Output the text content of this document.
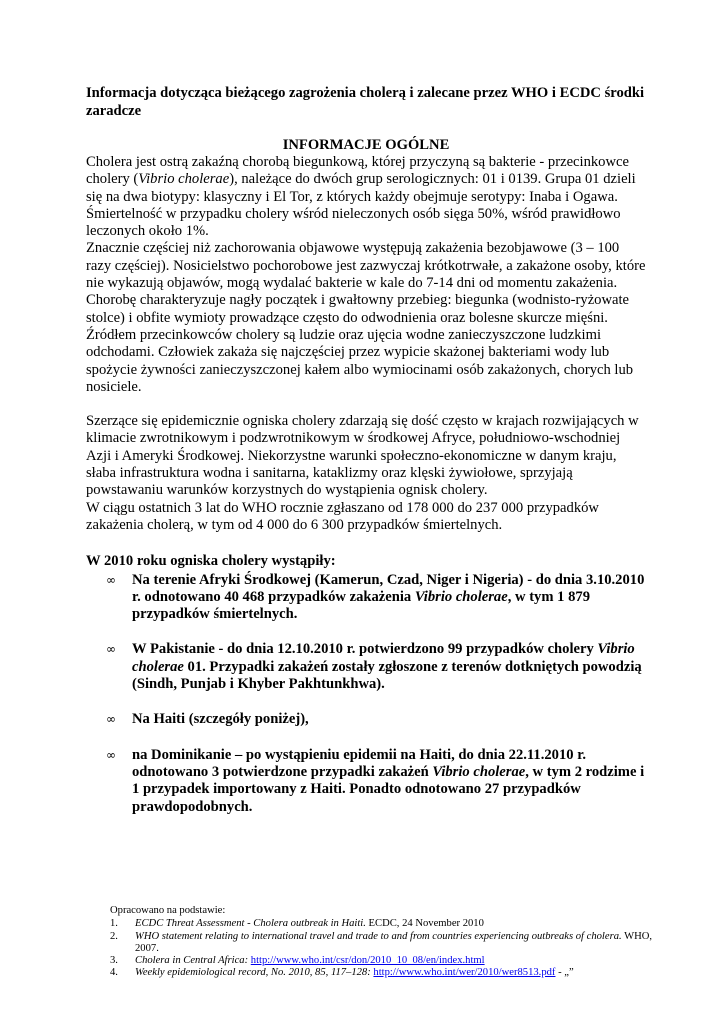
Informacja dotycząca bieżącego zagrożenia cholerą i zalecane przez WHO i ECDC środki zaradcze
INFORMACJE OGÓLNE

Cholera jest ostrą zakaźną chorobą biegunkową, której przyczyną są bakterie - przecinkowce cholery (Vibrio cholerae), należące do dwóch grup serologicznych: 01 i 0139. Grupa 01 dzieli się na dwa biotypy: klasyczny i El Tor, z których każdy obejmuje serotypy: Inaba i Ogawa. Śmiertelność w przypadku cholery wśród nieleczonych osób sięga 50%, wśród prawidłowo leczonych około 1%.

Znacznie częściej niż zachorowania objawowe występują zakażenia bezobjawowe (3 – 100 razy częściej). Nosicielstwo pochorobowe jest zazwyczaj krótkotrwałe, a zakażone osoby, które nie wykazują objawów, mogą wydalać bakterie w kale do 7-14 dni od momentu zakażenia.

Chorobę charakteryzuje nagły początek i gwałtowny przebieg: biegunka (wodnisto-ryżowate stolce) i obfite wymioty prowadzące często do odwodnienia oraz bolesne skurcze mięśni. Źródłem przecinkowców cholery są ludzie oraz ujęcia wodne zanieczyszczone ludzkimi odchodami. Człowiek zakaża się najczęściej przez wypicie skażonej bakteriami wody lub spożycie żywności zanieczyszczonej kałem albo wymiocinami osób zakażonych, chorych lub nosiciele.

Szerzące się epidemicznie ogniska cholery zdarzają się dość często w krajach rozwijających w klimacie zwrotnikowym i podzwrotnikowym w środkowej Afryce, południowo-wschodniej Azji i Ameryki Środkowej. Niekorzystne warunki społeczno-ekonomiczne w danym kraju, słaba infrastruktura wodna i sanitarna, kataklizmy oraz klęski żywiołowe, sprzyjają powstawaniu warunków korzystnych do wystąpienia ognisk cholery.

W ciągu ostatnich 3 lat do WHO rocznie zgłaszano od 178 000 do 237 000 przypadków zakażenia cholerą, w tym od 4 000 do 6 300 przypadków śmiertelnych.

W 2010 roku ogniska cholery wystąpiły:

∞ Na terenie Afryki Środkowej (Kamerun, Czad, Niger i Nigeria) - do dnia 3.10.2010 r. odnotowano 40 468 przypadków zakażenia Vibrio cholerae, w tym 1 879 przypadków śmiertelnych.
∞ W Pakistanie - do dnia 12.10.2010 r. potwierdzono 99 przypadków cholery Vibrio cholerae 01. Przypadki zakażeń zostały zgłoszone z terenów dotkniętych powodzią (Sindh, Punjab i Khyber Pakhtunkhwa).
∞ Na Haiti (szczegóły poniżej),
∞ na Dominikanie – po wystąpieniu epidemii na Haiti, do dnia 22.11.2010 r. odnotowano 3 potwierdzone przypadki zakażeń Vibrio cholerae, w tym 2 rodzime i 1 przypadek importowany z Haiti. Ponadto odnotowano 27 przypadków prawdopodobnych.
Opracowano na podstawie:
1. ECDC Threat Assessment - Cholera outbreak in Haiti. ECDC, 24 November 2010
2. WHO statement relating to international travel and trade to and from countries experiencing outbreaks of cholera. WHO, 2007.
3. Cholera in Central Africa: http://www.who.int/csr/don/2010_10_08/en/index.html
4. Weekly epidemiological record, No. 2010, 85, 117–128: http://www.who.int/wer/2010/wer8513.pdf - „”
